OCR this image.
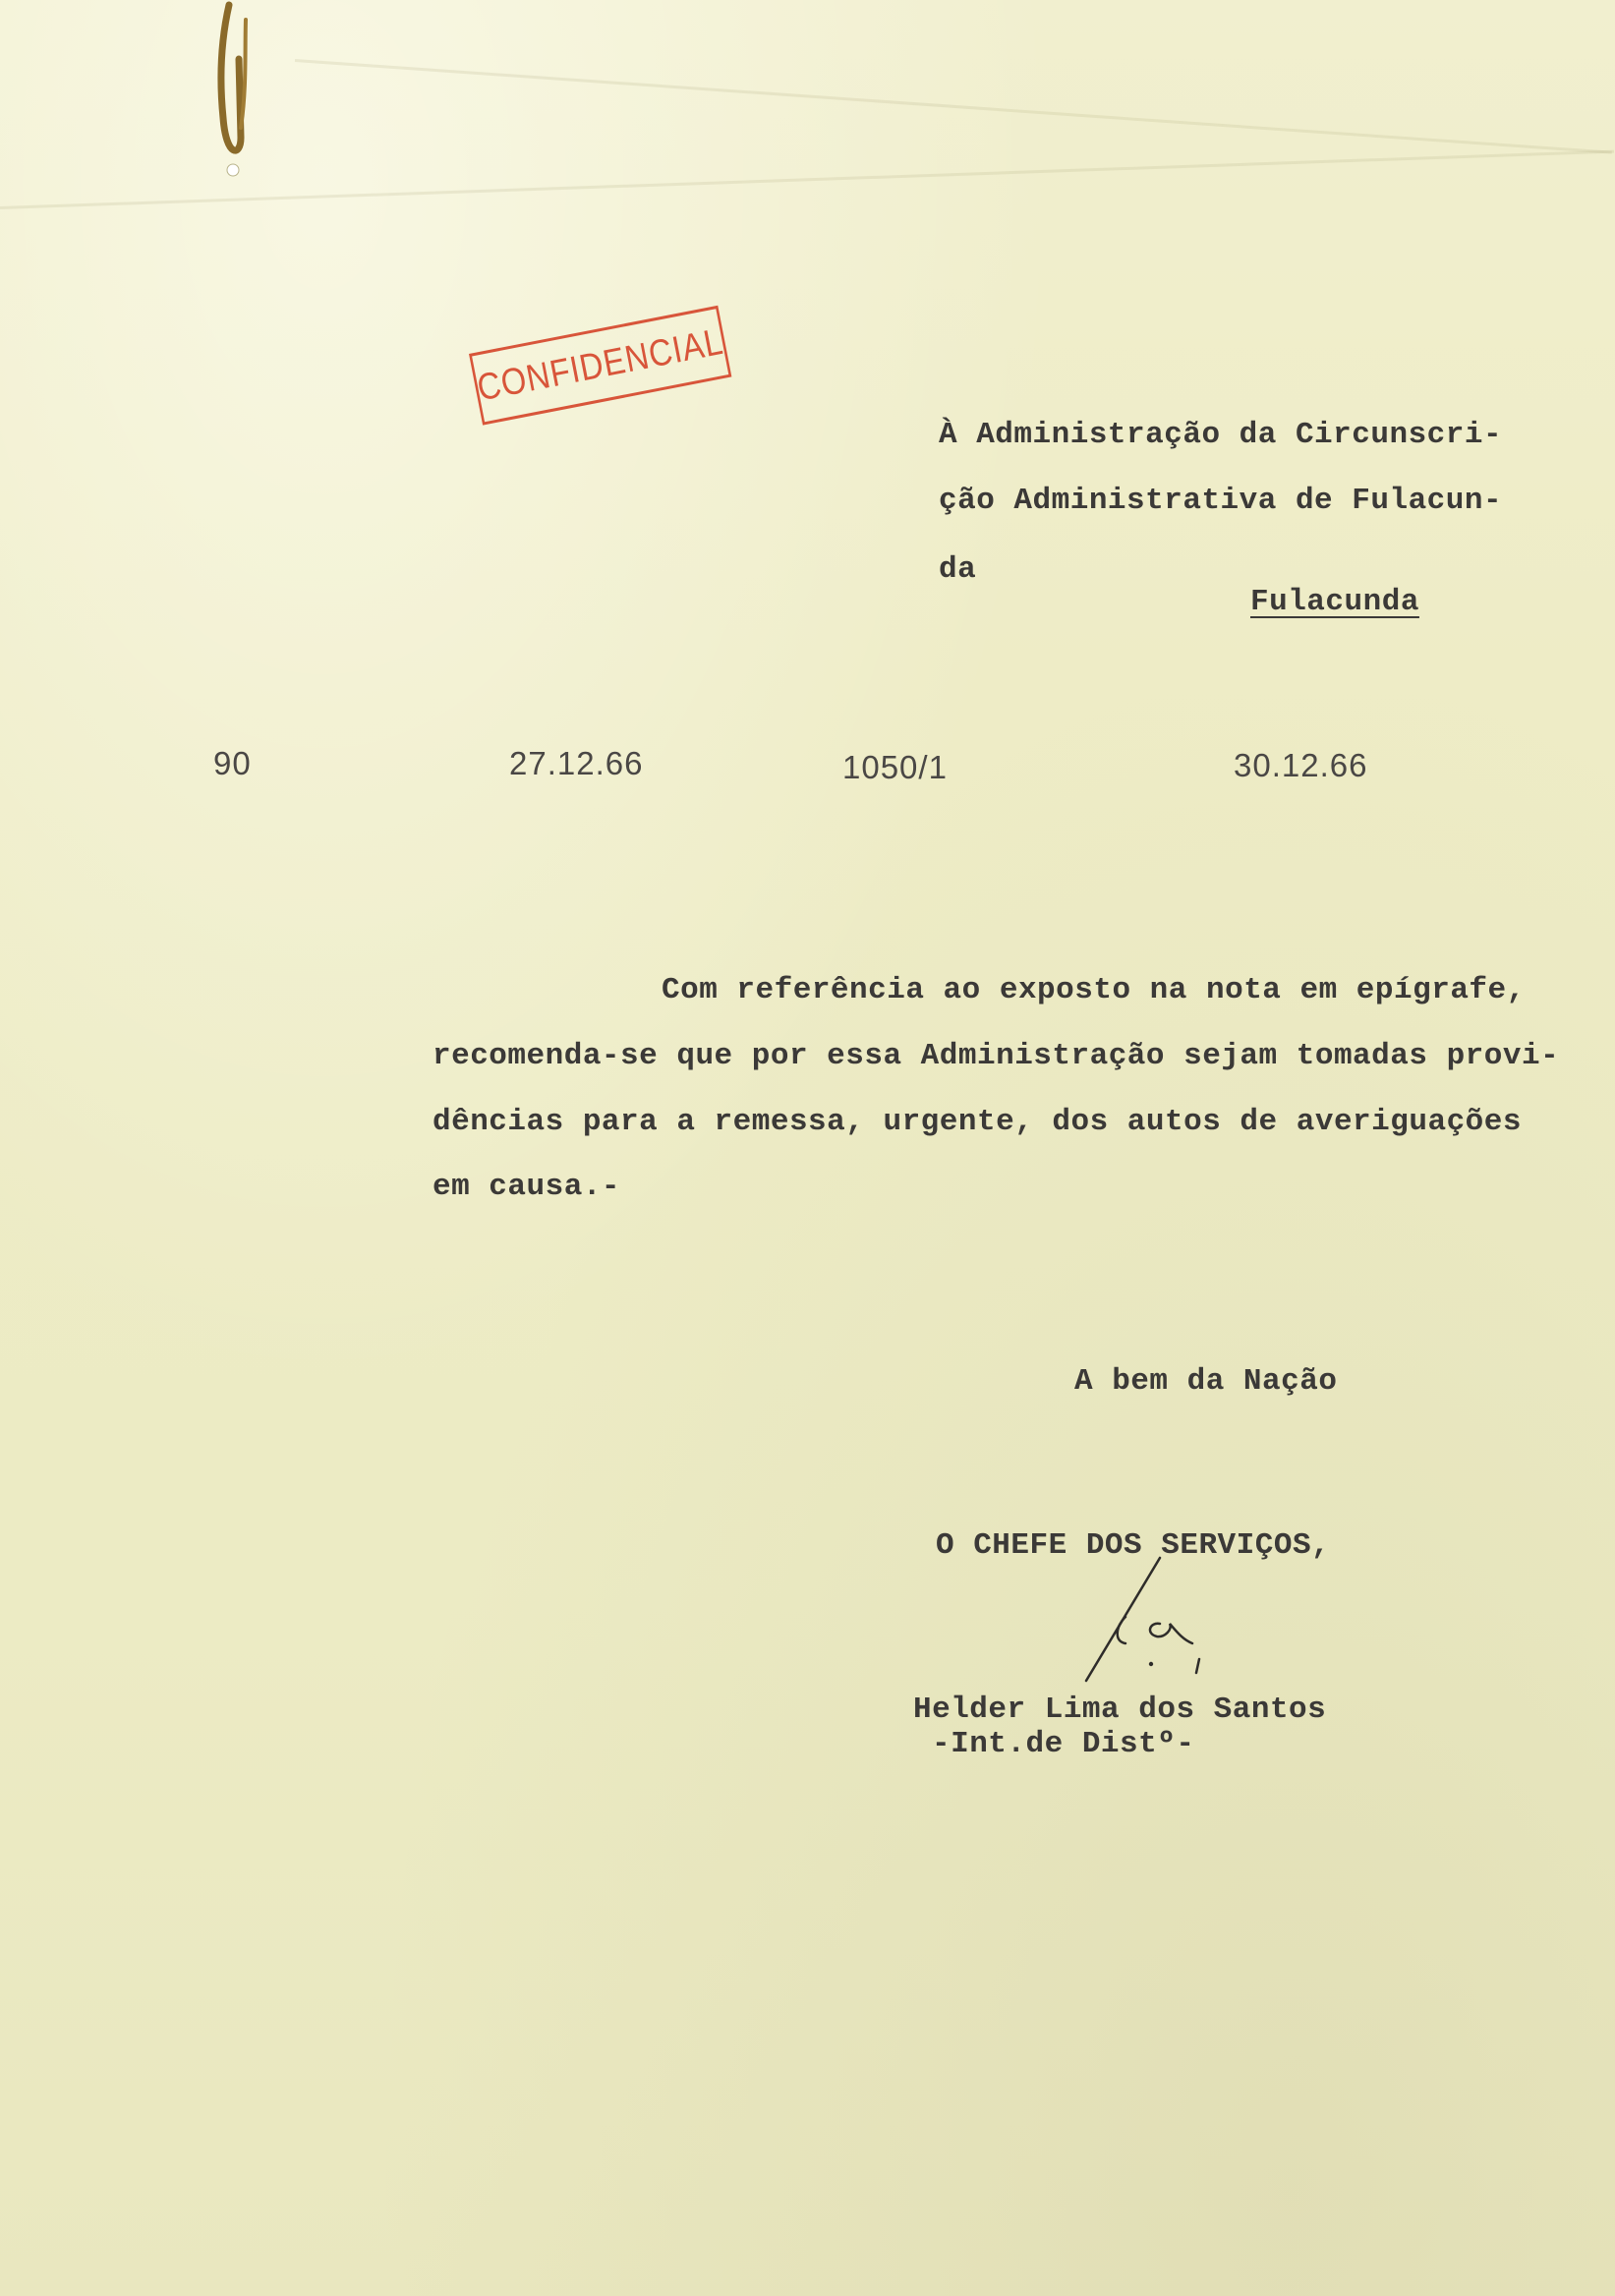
CONFIDENCIAL
À Administração da Circunscri-
ção Administrativa de Fulacun-
da
Fulacunda
90	27.12.66	1050/1	30.12.66
Com referência ao exposto na nota em epígrafe,
recomenda-se que por essa Administração sejam tomadas provi-
dências para a remessa, urgente, dos autos de averiguações
em causa.-
A bem da Nação
O CHEFE DOS SERVIÇOS,
Helder Lima dos Santos
-Int.de Distº-
